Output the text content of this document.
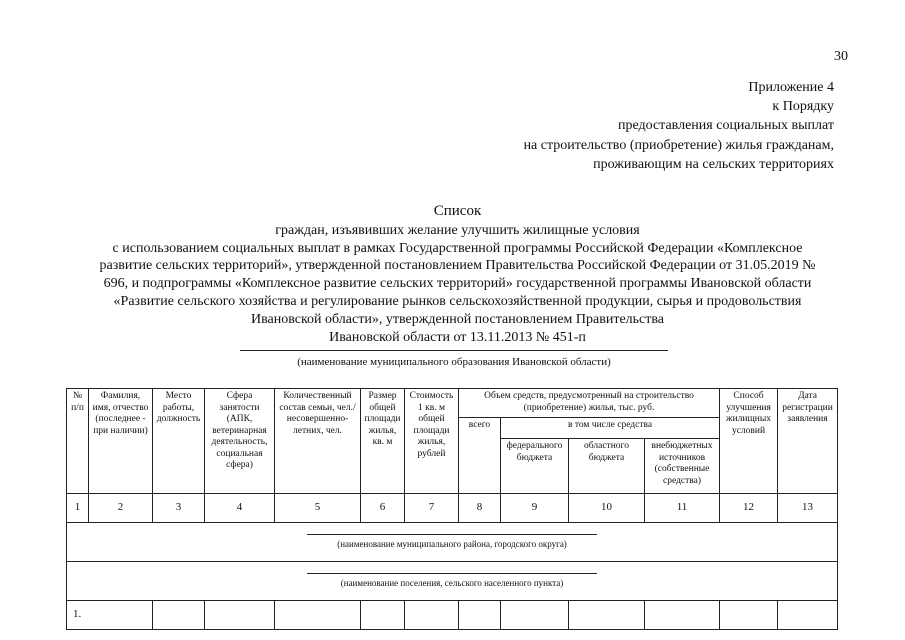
30
Приложение 4
к Порядку
предоставления социальных выплат
на строительство (приобретение) жилья гражданам,
проживающим на сельских территориях
Список
граждан, изъявивших желание улучшить жилищные условия
с использованием социальных выплат в рамках Государственной программы Российской Федерации «Комплексное
развитие сельских территорий», утвержденной постановлением Правительства Российской Федерации от 31.05.2019 №
696, и подпрограммы «Комплексное развитие сельских территорий» государственной программы Ивановской области
«Развитие сельского хозяйства и регулирование рынков сельскохозяйственной продукции, сырья и продовольствия
Ивановской области», утвержденной постановлением Правительства
Ивановской области от 13.11.2013 № 451-п
(наименование муниципального образования Ивановской области)
№ п/п	Фамилия, имя, отчество (последнее - при наличии)	Место работы, должность	Сфера занятости (АПК, ветеринарная деятельность, социальная сфера)	Количественный состав семьи, чел./ несовершенно- летних, чел.	Размер общей площади жилья, кв. м	Стоимость 1 кв. м общей площади жилья, рублей	Объем средств, предусмотренный на строительство (приобретение) жилья, тыс. руб.				Способ улучшения жилищных условий	Дата регистрации заявления
							всего	в том числе средства				
								федерального бюджета	областного бюджета	внебюджетных источников (собственные средства)		
1	2	3	4	5	6	7	8	9	10	11	12	13

(наименование муниципального района, городского округа)												

(наименование поселения, сельского населенного пункта)												

1.												
